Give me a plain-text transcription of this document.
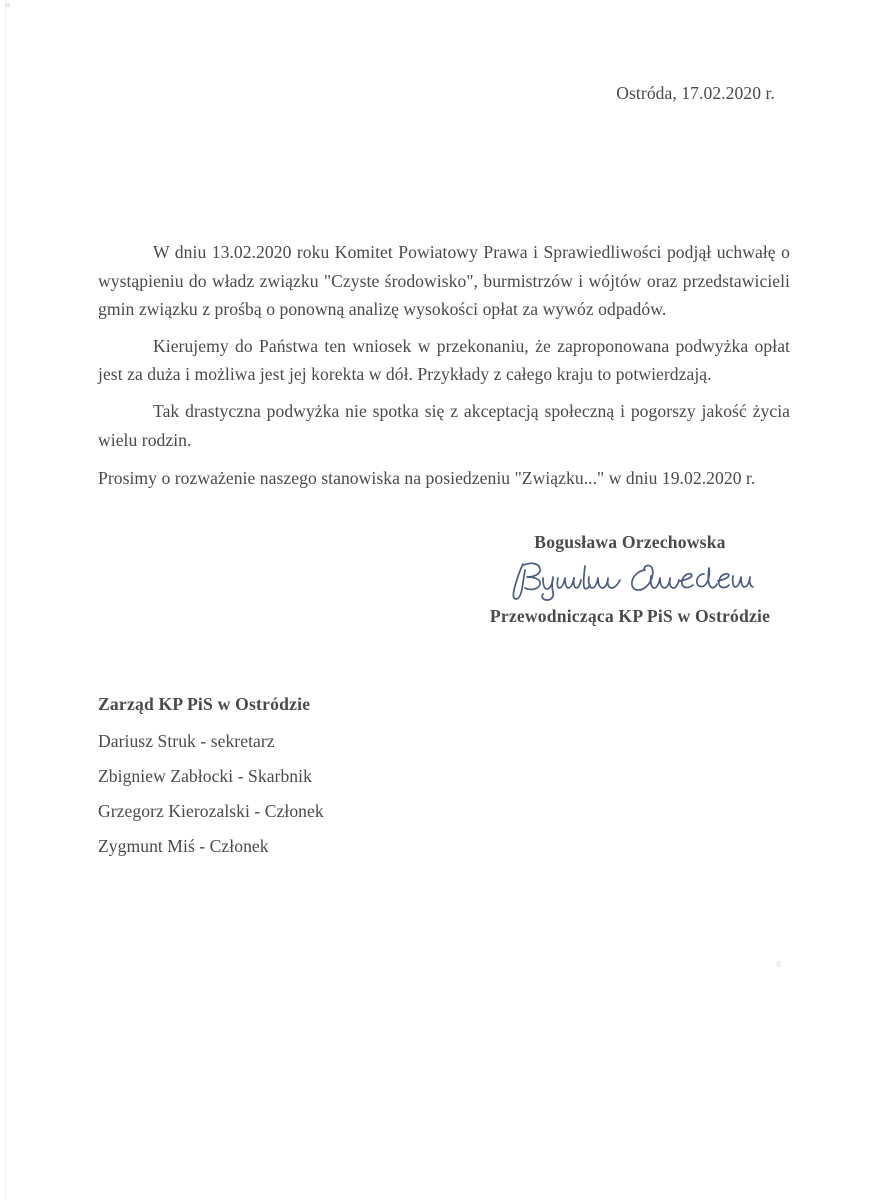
Ostróda, 17.02.2020 r.

W dniu 13.02.2020 roku Komitet Powiatowy Prawa i Sprawiedliwości podjął uchwałę o wystąpieniu do władz związku "Czyste środowisko", burmistrzów i wójtów oraz przedstawicieli gmin związku z prośbą o ponowną analizę wysokości opłat za wywóz odpadów.

Kierujemy do Państwa ten wniosek w przekonaniu, że zaproponowana podwyżka opłat jest za duża i możliwa jest jej korekta w dół. Przykłady z całego kraju to potwierdzają.

Tak drastyczna podwyżka nie spotka się z akceptacją społeczną i pogorszy jakość życia wielu rodzin.

Prosimy o rozważenie naszego stanowiska na posiedzeniu "Związku..." w dniu 19.02.2020 r.

Bogusława Orzechowska
Przewodnicząca KP PiS w Ostródzie
Zarząd KP PiS w Ostródzie
Dariusz Struk - sekretarz
Zbigniew Zabłocki - Skarbnik
Grzegorz Kierozalski - Członek
Zygmunt Miś - Członek
